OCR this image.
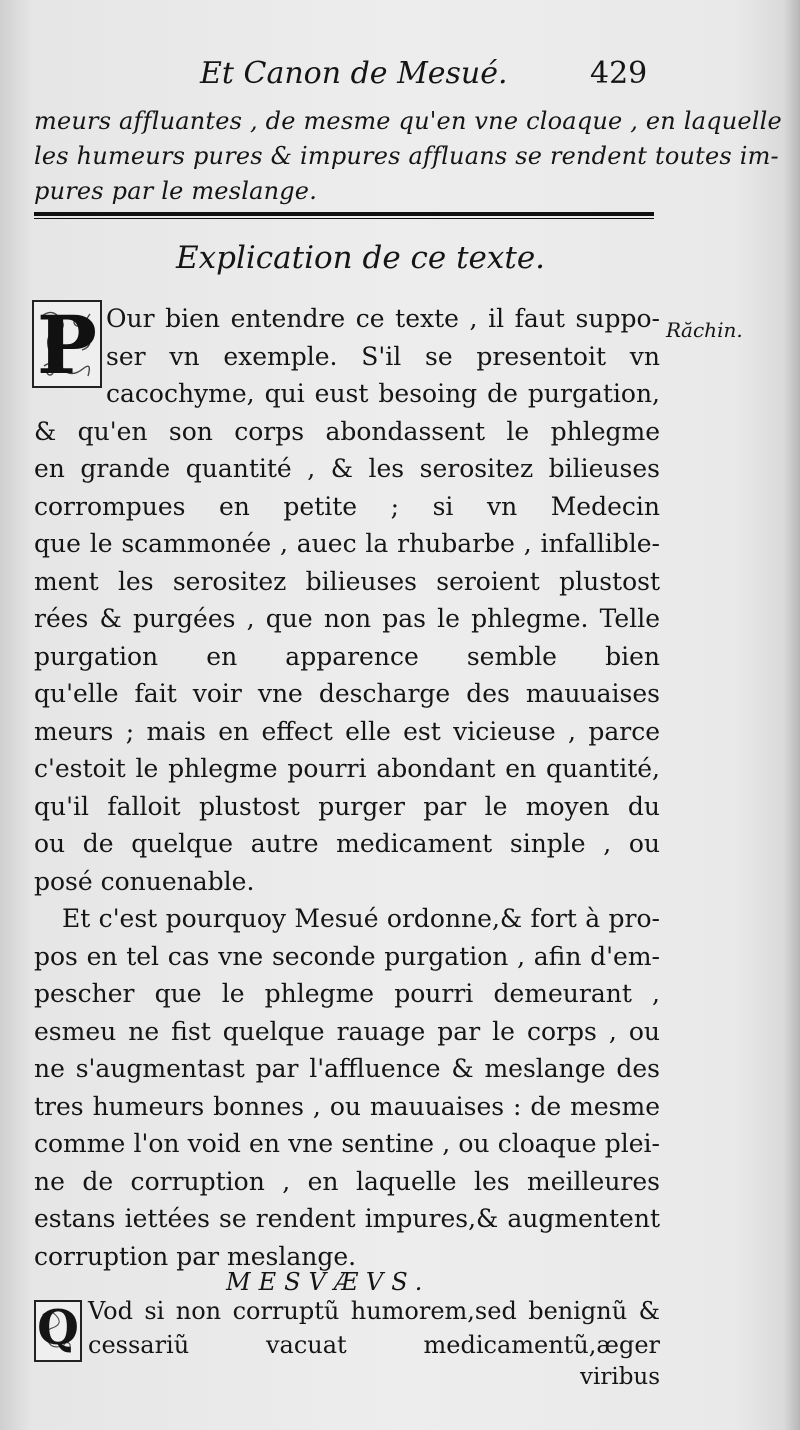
Et Canon de Mesué.	429
meurs affluantes , de mesme qu'en vne cloaque , en laquelle
les humeurs pures & impures affluans se rendent toutes im-
pures par le meslange.
Explication de ce texte.
Răchin.
Our bien entendre ce texte , il faut suppo-
ser vn exemple. S'il se presentoit vn
cacochyme, qui eust besoing de purgation,
& qu'en son corps abondassent le phlegme
en grande quantité , & les serositez bilieuses
corrompues en petite ; si vn Medecin
que le scammonée , auec la rhubarbe , infallible-
ment les serositez bilieuses seroient plustost
rées & purgées , que non pas le phlegme. Telle
purgation en apparence semble bien
qu'elle fait voir vne descharge des mauuaises
meurs ; mais en effect elle est vicieuse , parce
c'estoit le phlegme pourri abondant en quantité,
qu'il falloit plustost purger par le moyen du
ou de quelque autre medicament sinple , ou
posé conuenable.
Et c'est pourquoy Mesué ordonne,& fort à pro-
pos en tel cas vne seconde purgation , afin d'em-
pescher que le phlegme pourri demeurant ,
esmeu ne fist quelque rauage par le corps , ou
ne s'augmentast par l'affluence & meslange des
tres humeurs bonnes , ou mauuaises : de mesme
comme l'on void en vne sentine , ou cloaque plei-
ne de corruption , en laquelle les meilleures
estans iettées se rendent impures,& augmentent
corruption par meslange.
P
MESVÆVS.
Vod si non corruptũ humorem,sed benignũ &
cessariũ vacuat medicamentũ,æger
Q
viribus
